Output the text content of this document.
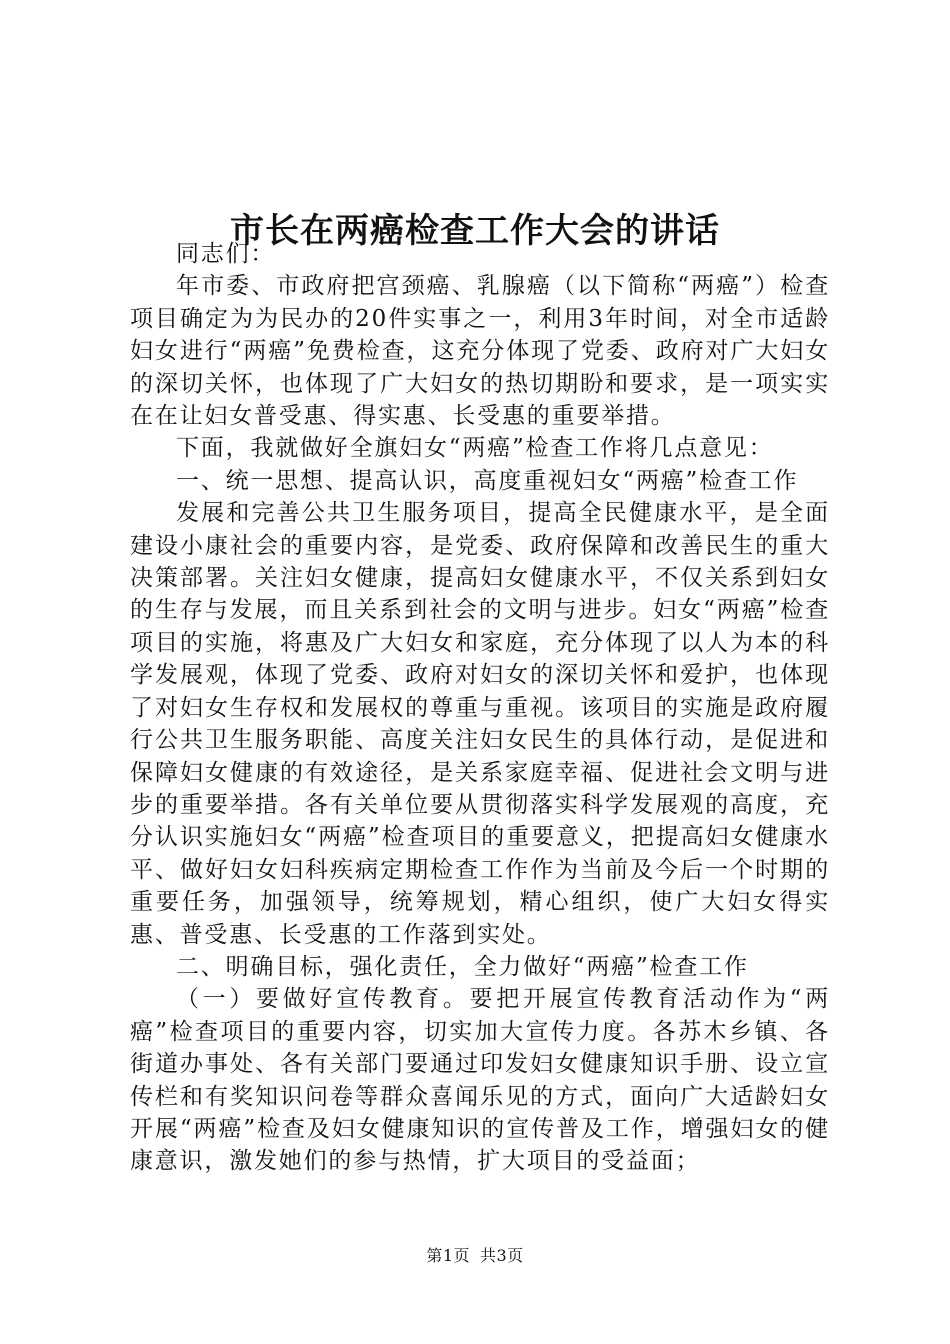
市长在两癌检查工作大会的讲话

同志们：

年市委、市政府把宫颈癌、乳腺癌（以下简称“两癌”）检查项目确定为为民办的20件实事之一，利用3年时间，对全市适龄妇女进行“两癌”免费检查，这充分体现了党委、政府对广大妇女的深切关怀，也体现了广大妇女的热切期盼和要求，是一项实实在在让妇女普受惠、得实惠、长受惠的重要举措。

下面，我就做好全旗妇女“两癌”检查工作将几点意见：

一、统一思想、提高认识，高度重视妇女“两癌”检查工作

发展和完善公共卫生服务项目，提高全民健康水平，是全面建设小康社会的重要内容，是党委、政府保障和改善民生的重大决策部署。关注妇女健康，提高妇女健康水平，不仅关系到妇女的生存与发展，而且关系到社会的文明与进步。妇女“两癌”检查项目的实施，将惠及广大妇女和家庭，充分体现了以人为本的科学发展观，体现了党委、政府对妇女的深切关怀和爱护，也体现了对妇女生存权和发展权的尊重与重视。该项目的实施是政府履行公共卫生服务职能、高度关注妇女民生的具体行动，是促进和保障妇女健康的有效途径，是关系家庭幸福、促进社会文明与进步的重要举措。各有关单位要从贯彻落实科学发展观的高度，充分认识实施妇女“两癌”检查项目的重要意义，把提高妇女健康水平、做好妇女妇科疾病定期检查工作作为当前及今后一个时期的重要任务，加强领导，统筹规划，精心组织，使广大妇女得实惠、普受惠、长受惠的工作落到实处。

二、明确目标，强化责任，全力做好“两癌”检查工作

（一）要做好宣传教育。要把开展宣传教育活动作为“两癌”检查项目的重要内容，切实加大宣传力度。各苏木乡镇、各街道办事处、各有关部门要通过印发妇女健康知识手册、设立宣传栏和有奖知识问卷等群众喜闻乐见的方式，面向广大适龄妇女开展“两癌”检查及妇女健康知识的宣传普及工作，增强妇女的健康意识，激发她们的参与热情，扩大项目的受益面；

第1页 共3页
